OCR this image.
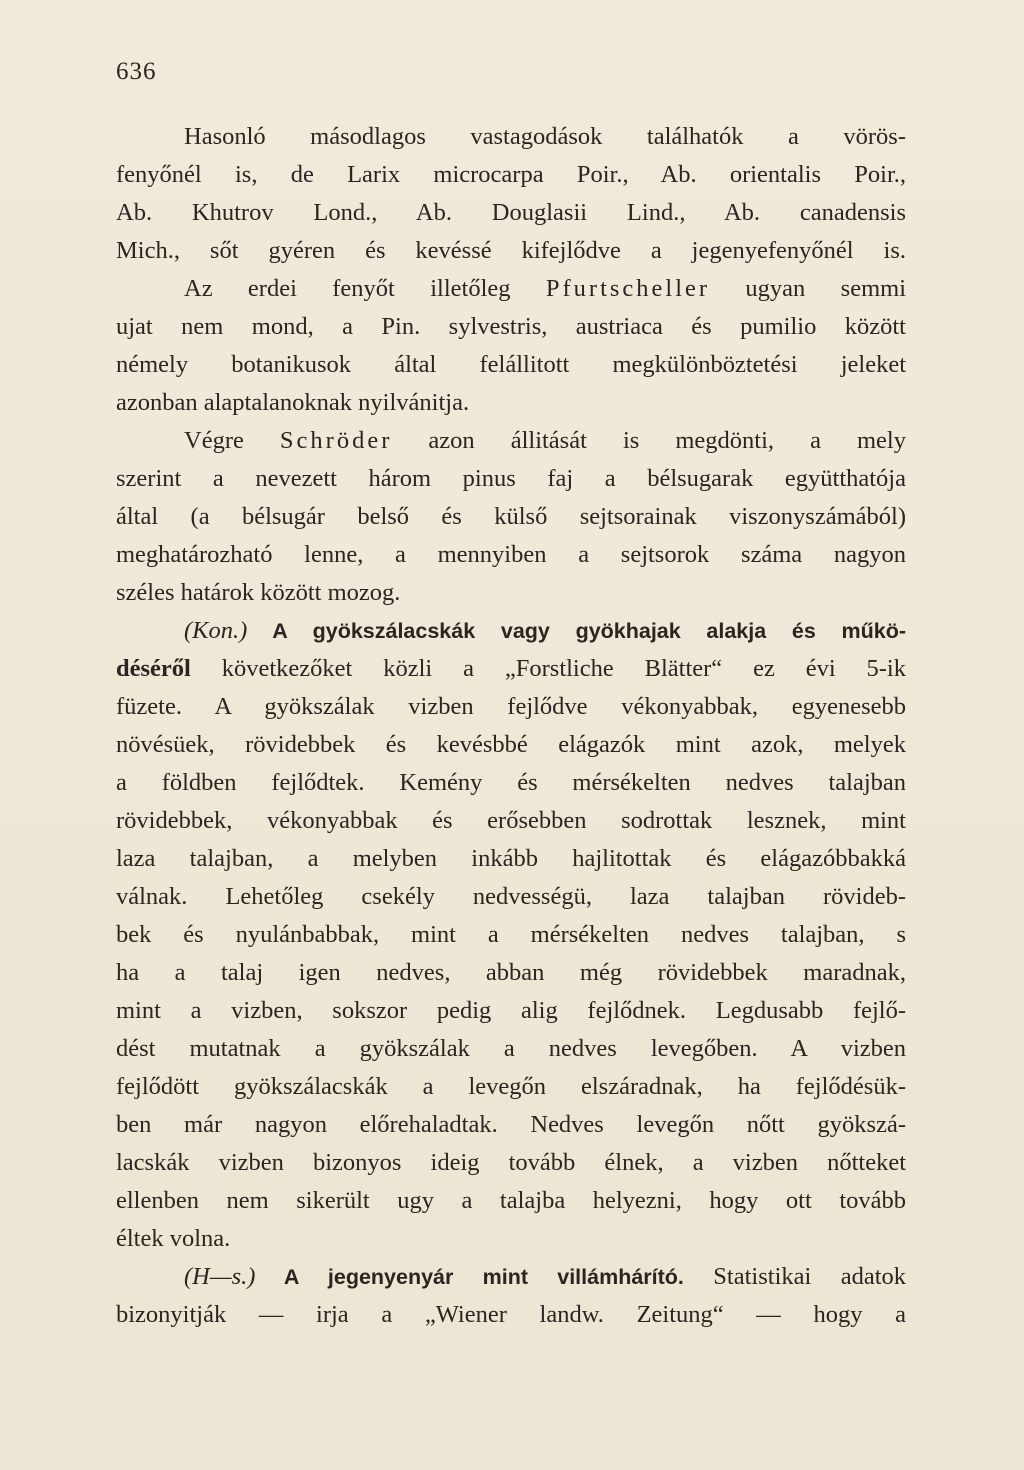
636
Hasonló másodlagos vastagodások találhatók a vörös-
fenyőnél is, de Larix microcarpa Poir., Ab. orientalis Poir.,
Ab. Khutrov Lond., Ab. Douglasii Lind., Ab. canadensis
Mich., sőt gyéren és kevéssé kifejlődve a jegenyefenyőnél is.
Az erdei fenyőt illetőleg Pfurtscheller ugyan semmi
ujat nem mond, a Pin. sylvestris, austriaca és pumilio között
némely botanikusok által felállitott megkülönböztetési jeleket
azonban alaptalanoknak nyilvánitja.
Végre Schröder azon állitását is megdönti, a mely
szerint a nevezett három pinus faj a bélsugarak együtthatója
által (a bélsugár belső és külső sejtsorainak viszonyszámából)
meghatározható lenne, a mennyiben a sejtsorok száma nagyon
széles határok között mozog.
(Kon.) A gyökszálacskák vagy gyökhajak alakja és műkö-
déséről következőket közli a „Forstliche Blätter“ ez évi 5-ik
füzete. A gyökszálak vizben fejlődve vékonyabbak, egyenesebb
növésüek, rövidebbek és kevésbbé elágazók mint azok, melyek
a földben fejlődtek. Kemény és mérsékelten nedves talajban
rövidebbek, vékonyabbak és erősebben sodrottak lesznek, mint
laza talajban, a melyben inkább hajlitottak és elágazóbbakká
válnak. Lehetőleg csekély nedvességü, laza talajban rövideb-
bek és nyulánbabbak, mint a mérsékelten nedves talajban, s
ha a talaj igen nedves, abban még rövidebbek maradnak,
mint a vizben, sokszor pedig alig fejlődnek. Legdusabb fejlő-
dést mutatnak a gyökszálak a nedves levegőben. A vizben
fejlődött gyökszálacskák a levegőn elszáradnak, ha fejlődésük-
ben már nagyon előrehaladtak. Nedves levegőn nőtt gyökszá-
lacskák vizben bizonyos ideig tovább élnek, a vizben nőtteket
ellenben nem sikerült ugy a talajba helyezni, hogy ott tovább
éltek volna.
(H—s.) A jegenyenyár mint villámhárító. Statistikai adatok
bizonyitják — irja a „Wiener landw. Zeitung“ — hogy a
